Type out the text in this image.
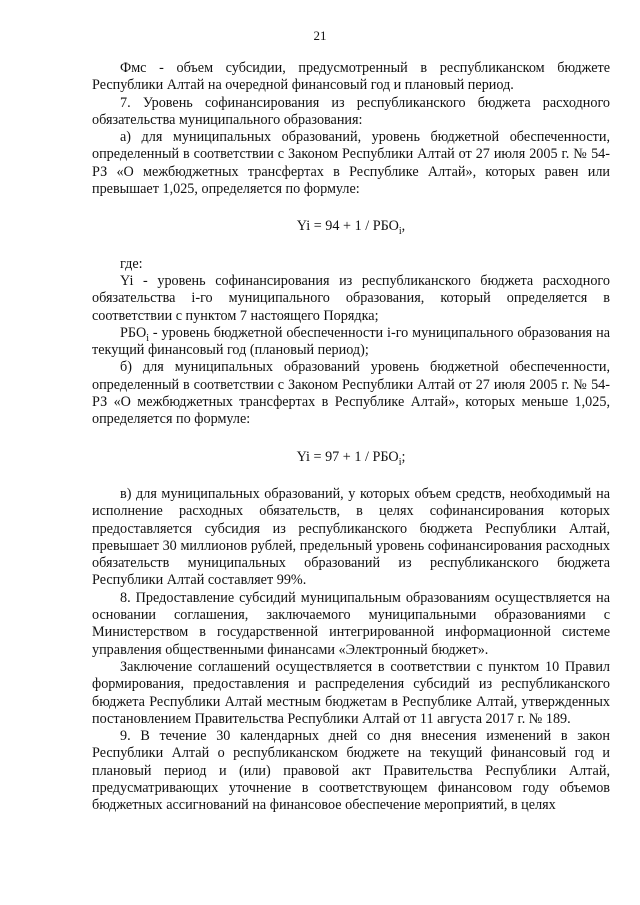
21

Фмс - объем субсидии, предусмотренный в республиканском бюджете Республики Алтай на очередной финансовый год и плановый период.

7. Уровень софинансирования из республиканского бюджета расходного обязательства муниципального образования:

а) для муниципальных образований, уровень бюджетной обеспеченности, определенный в соответствии с Законом Республики Алтай от 27 июля 2005 г. № 54-РЗ «О межбюджетных трансфертах в Республике Алтай», которых равен или превышает 1,025, определяется по формуле:

$Yi = 94 + 1 / РБО_i$,

где:

Yi - уровень софинансирования из республиканского бюджета расходного обязательства i-го муниципального образования, который определяется в соответствии с пунктом 7 настоящего Порядка;

$РБО_i$ - уровень бюджетной обеспеченности i-го муниципального образования на текущий финансовый год (плановый период);

б) для муниципальных образований уровень бюджетной обеспеченности, определенный в соответствии с Законом Республики Алтай от 27 июля 2005 г. № 54-РЗ «О межбюджетных трансфертах в Республике Алтай», которых меньше 1,025, определяется по формуле:

$Yi = 97 + 1 / РБО_i$;

в) для муниципальных образований, у которых объем средств, необходимый на исполнение расходных обязательств, в целях софинансирования которых предоставляется субсидия из республиканского бюджета Республики Алтай, превышает 30 миллионов рублей, предельный уровень софинансирования расходных обязательств муниципальных образований из республиканского бюджета Республики Алтай составляет 99%.

8. Предоставление субсидий муниципальным образованиям осуществляется на основании соглашения, заключаемого муниципальными образованиями с Министерством в государственной интегрированной информационной системе управления общественными финансами «Электронный бюджет».

Заключение соглашений осуществляется в соответствии с пунктом 10 Правил формирования, предоставления и распределения субсидий из республиканского бюджета Республики Алтай местным бюджетам в Республике Алтай, утвержденных постановлением Правительства Республики Алтай от 11 августа 2017 г. № 189.

9. В течение 30 календарных дней со дня внесения изменений в закон Республики Алтай о республиканском бюджете на текущий финансовый год и плановый период и (или) правовой акт Правительства Республики Алтай, предусматривающих уточнение в соответствующем финансовом году объемов бюджетных ассигнований на финансовое обеспечение мероприятий, в целях
